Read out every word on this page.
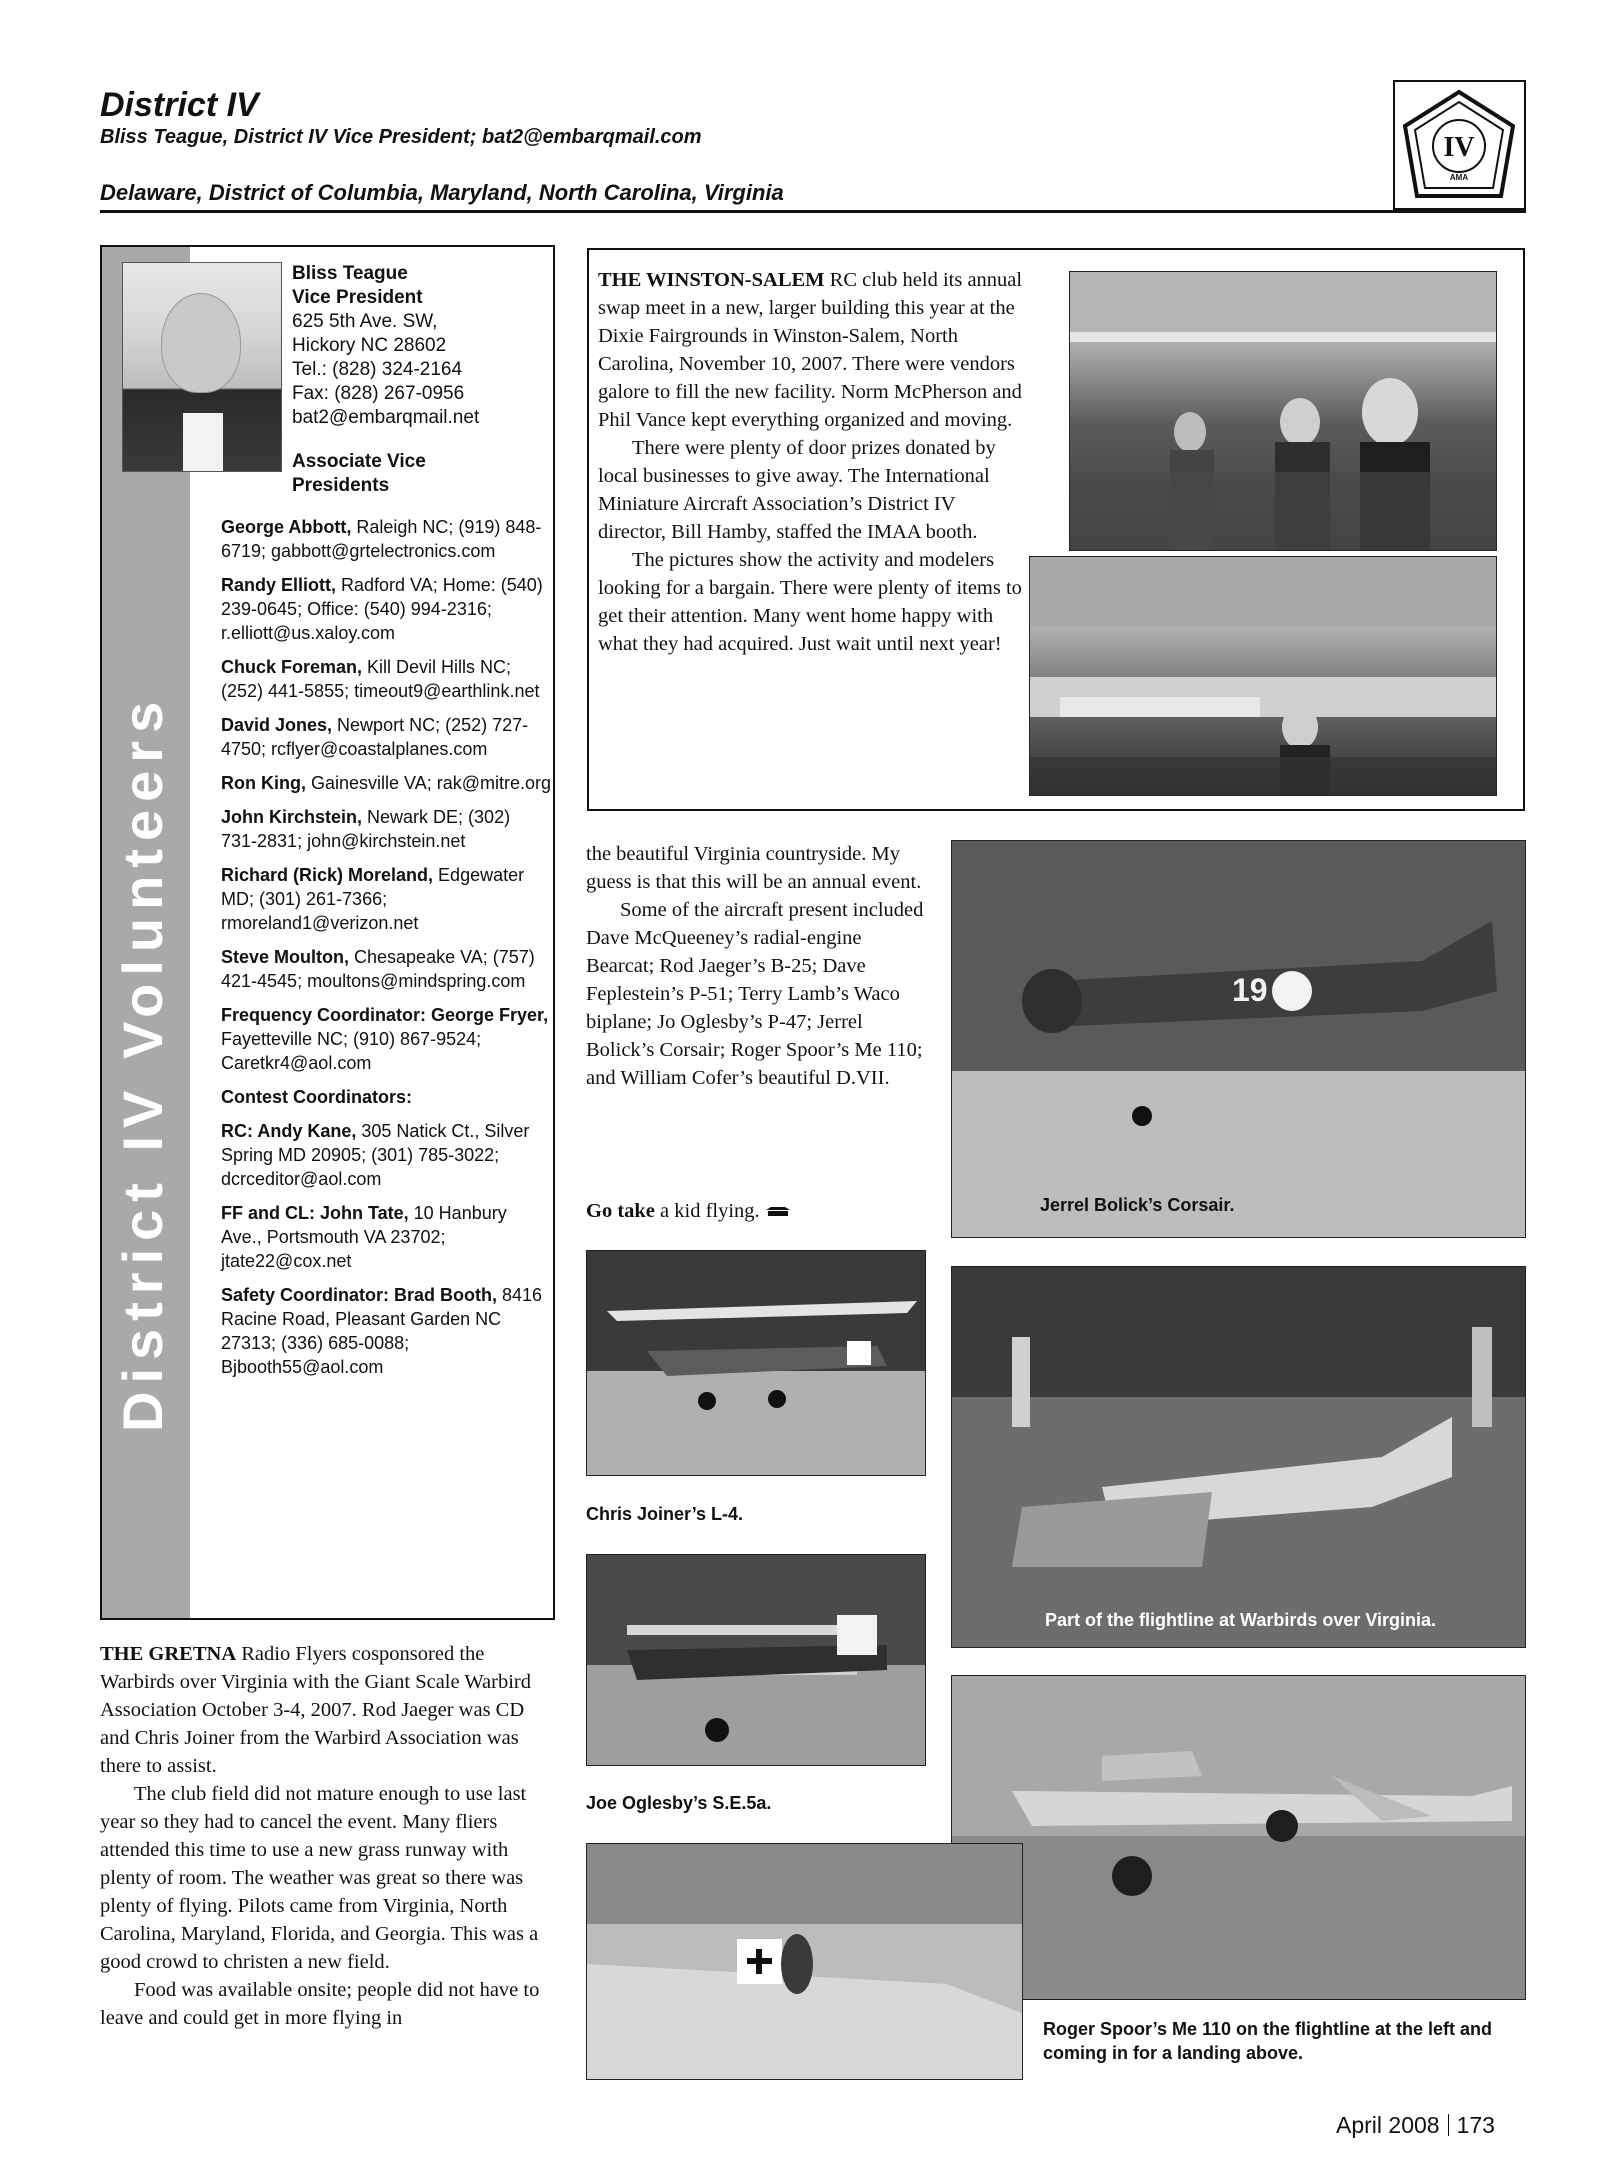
District IV
Bliss Teague, District IV Vice President; bat2@embarqmail.com
Delaware, District of Columbia, Maryland, North Carolina, Virginia
IV
AMA
District IV Volunteers
Bliss Teague
Vice President
625 5th Ave. SW,
Hickory NC 28602
Tel.: (828) 324-2164
Fax: (828) 267-0956
bat2@embarqmail.net
Associate Vice
Presidents
George Abbott, Raleigh NC; (919) 848-6719; gabbott@grtelectronics.com
Randy Elliott, Radford VA; Home: (540) 239-0645; Office: (540) 994-2316; r.elliott@us.xaloy.com
Chuck Foreman, Kill Devil Hills NC; (252) 441-5855; timeout9@earthlink.net
David Jones, Newport NC; (252) 727-4750; rcflyer@coastalplanes.com
Ron King, Gainesville VA; rak@mitre.org
John Kirchstein, Newark DE; (302) 731-2831; john@kirchstein.net
Richard (Rick) Moreland, Edgewater MD; (301) 261-7366; rmoreland1@verizon.net
Steve Moulton, Chesapeake VA; (757) 421-4545; moultons@mindspring.com
Frequency Coordinator: George Fryer, Fayetteville NC; (910) 867-9524; Caretkr4@aol.com
Contest Coordinators:
RC: Andy Kane, 305 Natick Ct., Silver Spring MD 20905; (301) 785-3022; dcrceditor@aol.com
FF and CL: John Tate, 10 Hanbury Ave., Portsmouth VA 23702; jtate22@cox.net
Safety Coordinator: Brad Booth, 8416 Racine Road, Pleasant Garden NC 27313; (336) 685-0088; Bjbooth55@aol.com

THE WINSTON-SALEM RC club held its annual swap meet in a new, larger building this year at the Dixie Fairgrounds in Winston-Salem, North Carolina, November 10, 2007. There were vendors galore to fill the new facility. Norm McPherson and Phil Vance kept everything organized and moving.

There were plenty of door prizes donated by local businesses to give away. The International Miniature Aircraft Association’s District IV director, Bill Hamby, staffed the IMAA booth.

The pictures show the activity and modelers looking for a bargain. There were plenty of items to get their attention. Many went home happy with what they had acquired. Just wait until next year!

the beautiful Virginia countryside. My guess is that this will be an annual event.

Some of the aircraft present included Dave McQueeney’s radial-engine Bearcat; Rod Jaeger’s B-25; Dave Feplestein’s P-51; Terry Lamb’s Waco biplane; Jo Oglesby’s P-47; Jerrel Bolick’s Corsair; Roger Spoor’s Me 110; and William Cofer’s beautiful D.VII.

Go take a kid flying.
19
Jerrel Bolick’s Corsair.
Part of the flightline at Warbirds over Virginia.
Roger Spoor’s Me 110 on the flightline at the left and coming in for a landing above.
Chris Joiner’s L-4.
Joe Oglesby’s S.E.5a.

THE GRETNA Radio Flyers cosponsored the Warbirds over Virginia with the Giant Scale Warbird Association October 3-4, 2007. Rod Jaeger was CD and Chris Joiner from the Warbird Association was there to assist.

The club field did not mature enough to use last year so they had to cancel the event. Many fliers attended this time to use a new grass runway with plenty of room. The weather was great so there was plenty of flying. Pilots came from Virginia, North Carolina, Maryland, Florida, and Georgia. This was a good crowd to christen a new field.

Food was available onsite; people did not have to leave and could get in more flying in

April 2008 173
